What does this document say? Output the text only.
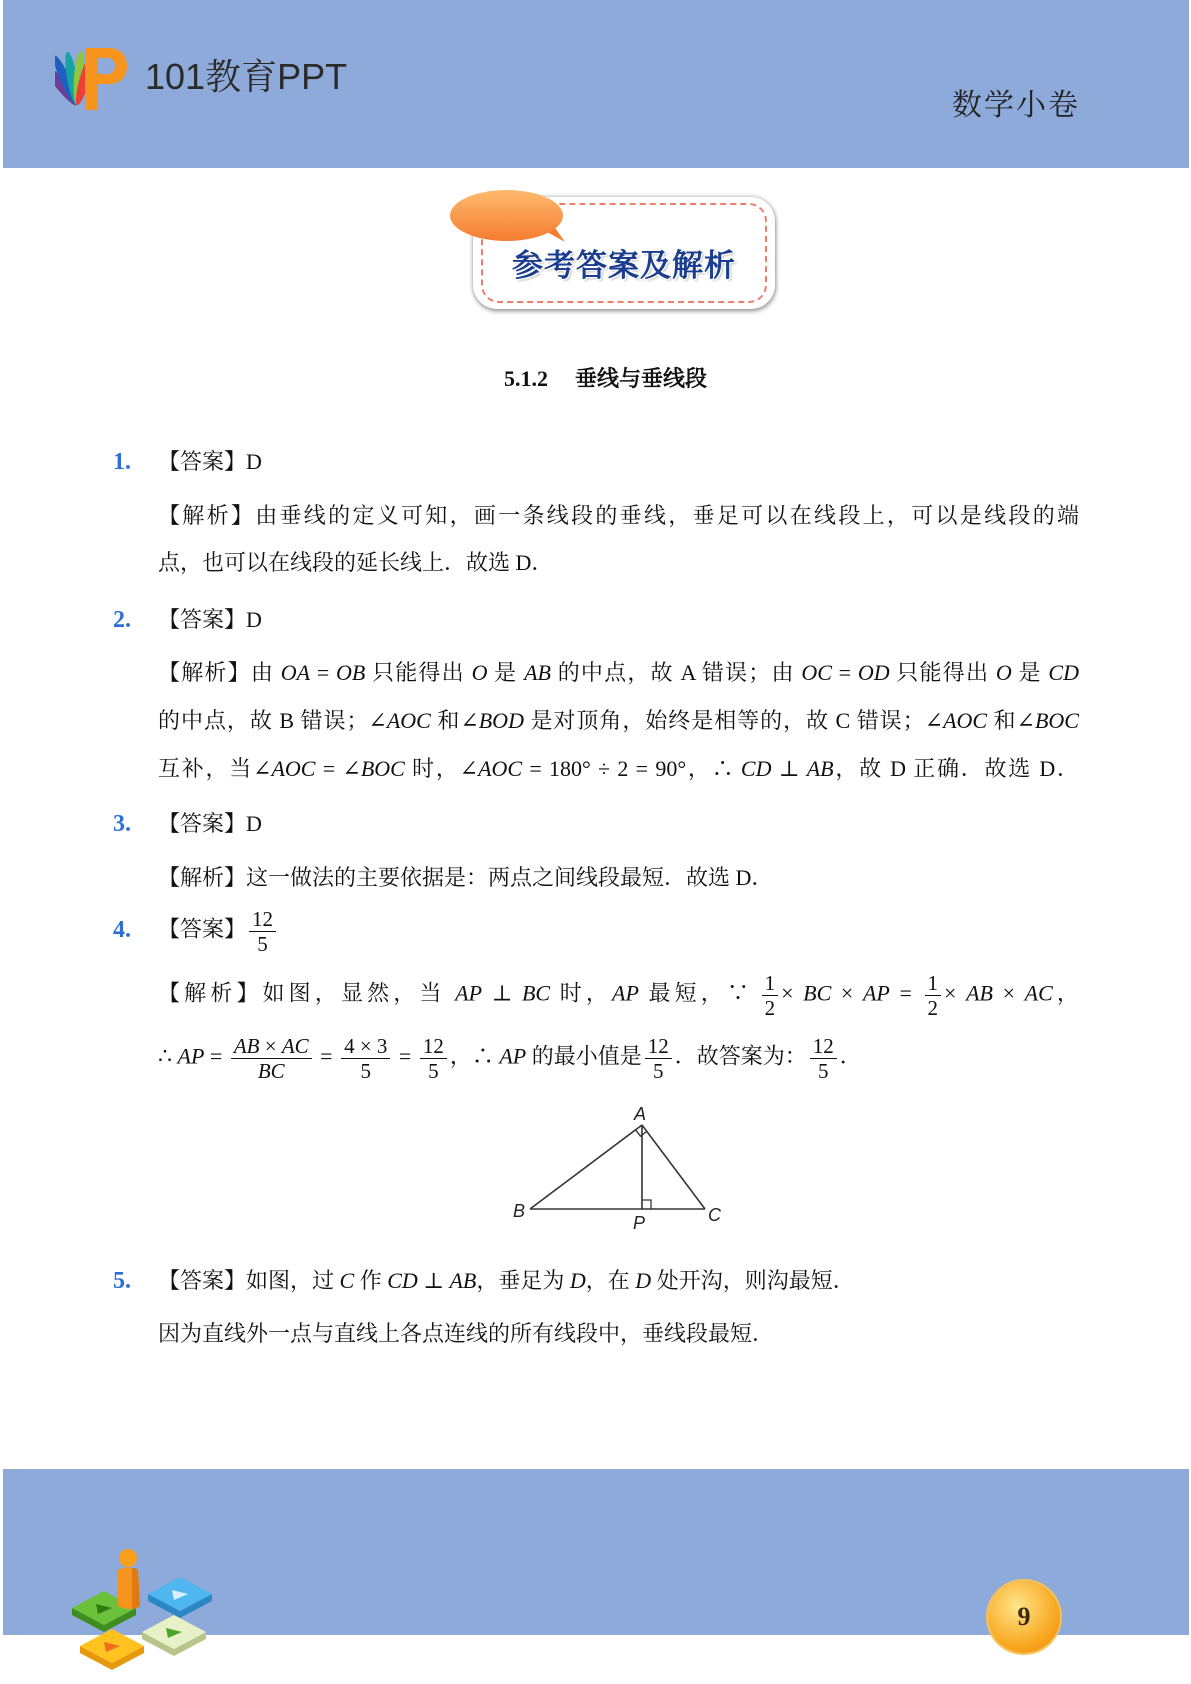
101教育PPT
数学小卷
参考答案及解析
5.1.2 垂线与垂线段
1.	【答案】D
【解析】由垂线的定义可知，画一条线段的垂线，垂足可以在线段上，可以是线段的端
点，也可以在线段的延长线上．故选 D．
2.	【答案】D
【解析】由 OA = OB 只能得出 O 是 AB 的中点，故 A 错误；由 OC = OD 只能得出 O 是 CD
的中点，故 B 错误；∠AOC 和∠BOD 是对顶角，始终是相等的，故 C 错误；∠AOC 和∠BOC
互补，当∠AOC = ∠BOC 时，∠AOC = 180° ÷ 2 = 90°，∴ CD ⊥ AB，故 D 正确．故选 D．
3.	【答案】D
【解析】这一做法的主要依据是：两点之间线段最短．故选 D．
4.	【答案】 $\frac{12}{5}$
【解析】如图，显然，当 AP ⊥ BC 时，AP 最短，∵ $\frac{1}{2}$ × BC × AP = $\frac{1}{2}$ × AB × AC，
∴ AP = $\frac{AB \times AC}{BC} = \frac{4 \times 3}{5} = \frac{12}{5}$ ，∴ AP 的最小值是 $\frac{12}{5}$ ．故答案为： $\frac{12}{5}$ ．
A
B
P	C
5.	【答案】如图，过 C 作 CD ⊥ AB，垂足为 D，在 D 处开沟，则沟最短．
因为直线外一点与直线上各点连线的所有线段中，垂线段最短．
9
